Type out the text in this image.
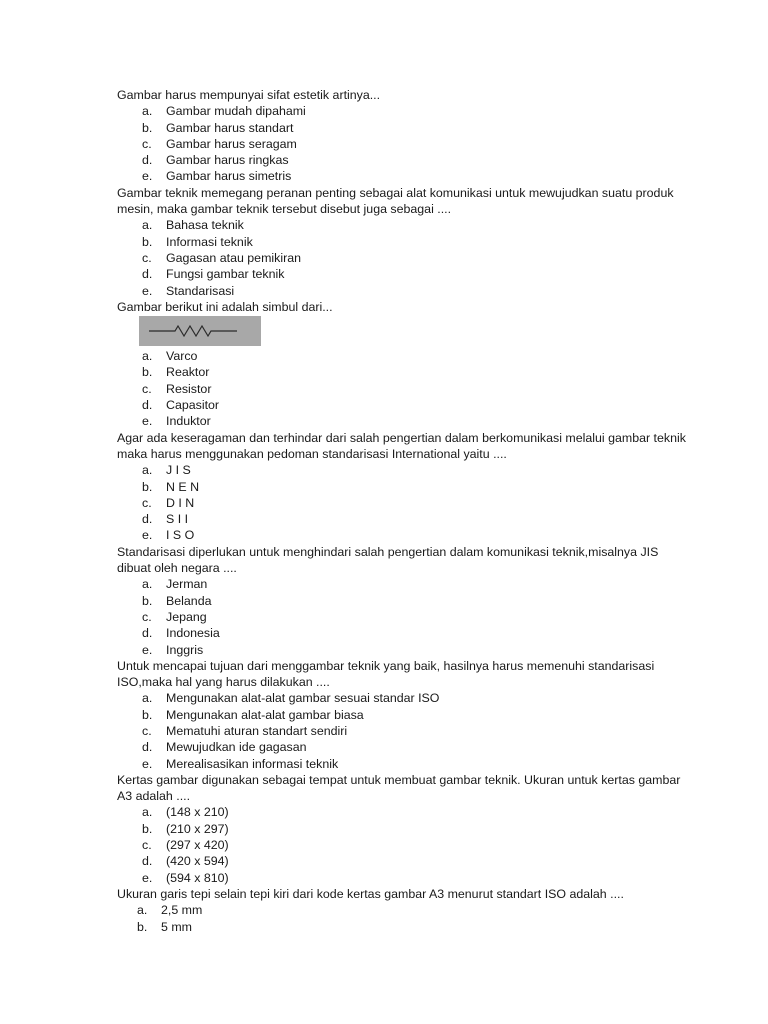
Gambar harus mempunyai sifat estetik artinya...
a.	Gambar mudah dipahami
b.	Gambar harus standart
c.	Gambar harus seragam
d.	Gambar harus ringkas
e.	Gambar harus simetris
Gambar teknik memegang peranan penting sebagai alat komunikasi untuk mewujudkan suatu produk mesin, maka gambar teknik tersebut disebut juga sebagai ....
a.	Bahasa teknik
b.	Informasi teknik
c.	Gagasan atau pemikiran
d.	Fungsi gambar teknik
e.	Standarisasi
Gambar berikut ini adalah simbul dari...
a.	Varco
b.	Reaktor
c.	Resistor
d.	Capasitor
e.	Induktor
Agar ada keseragaman dan terhindar dari salah pengertian dalam berkomunikasi melalui gambar teknik maka harus menggunakan pedoman standarisasi International yaitu ....
a.	J I S
b.	N E N
c.	D I N
d.	S I I
e.	I S O
Standarisasi diperlukan untuk menghindari salah pengertian dalam komunikasi teknik,misalnya JIS dibuat oleh negara ....
a.	Jerman
b.	Belanda
c.	Jepang
d.	Indonesia
e.	Inggris
Untuk mencapai tujuan dari menggambar teknik yang baik, hasilnya harus memenuhi standarisasi ISO,maka hal yang harus dilakukan ....
a.	Mengunakan alat-alat gambar sesuai standar ISO
b.	Mengunakan alat-alat gambar biasa
c.	Mematuhi aturan standart sendiri
d.	Mewujudkan ide gagasan
e.	Merealisasikan informasi teknik
Kertas gambar digunakan sebagai tempat untuk membuat gambar teknik. Ukuran untuk kertas gambar A3 adalah ....
a.	(148 x 210)
b.	(210 x 297)
c.	(297 x 420)
d.	(420 x 594)
e.	(594 x 810)
Ukuran garis tepi selain tepi kiri dari kode kertas gambar A3 menurut standart ISO adalah ....
a.	2,5 mm
b.	5 mm
